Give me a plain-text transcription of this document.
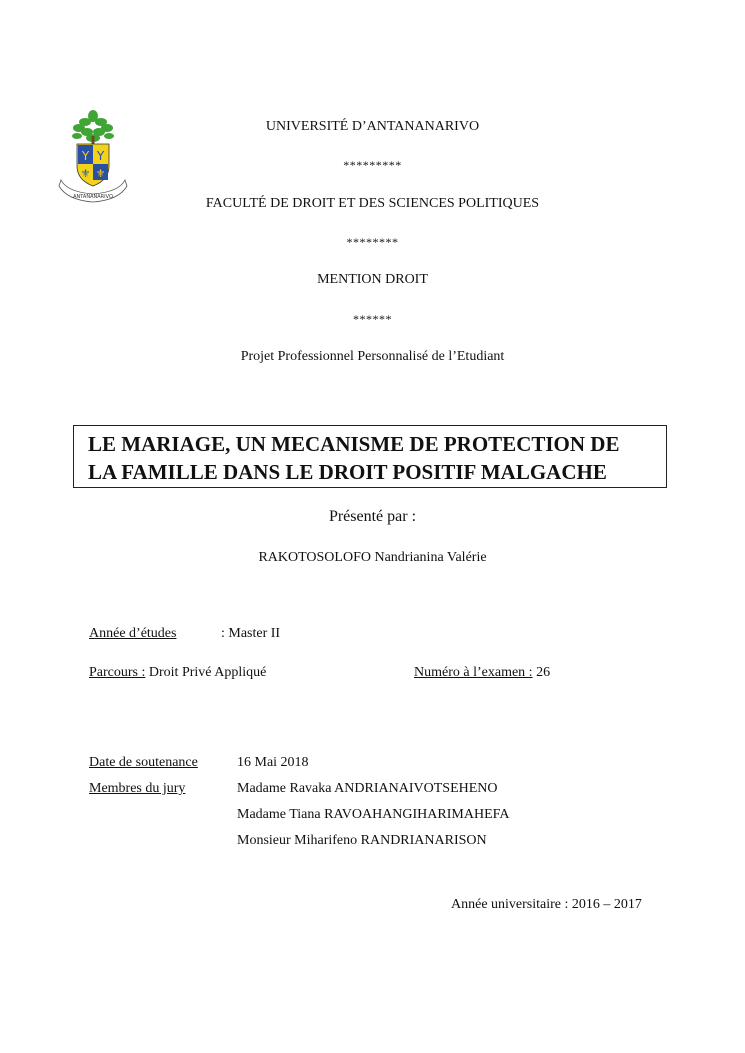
Y Y
⚜ ⚜
ANTANANARIVO
UNIVERSITÉ D’ANTANANARIVO
*********
FACULTÉ DE DROIT ET DES SCIENCES POLITIQUES
********
MENTION DROIT
******
Projet Professionnel Personnalisé de l’Etudiant
LE MARIAGE, UN MECANISME DE PROTECTION DE
LA FAMILLE DANS LE DROIT POSITIF MALGACHE
Présenté par :
RAKOTOSOLOFO Nandrianina Valérie
Année d’études	: Master II
Parcours : Droit Privé Appliqué	Numéro à l’examen : 26
Date de soutenance	16 Mai 2018
Membres du jury	Madame Ravaka ANDRIANAIVOTSEHENO
Madame Tiana RAVOAHANGIHARIMAHEFA
Monsieur Miharifeno RANDRIANARISON
Année universitaire : 2016 – 2017
